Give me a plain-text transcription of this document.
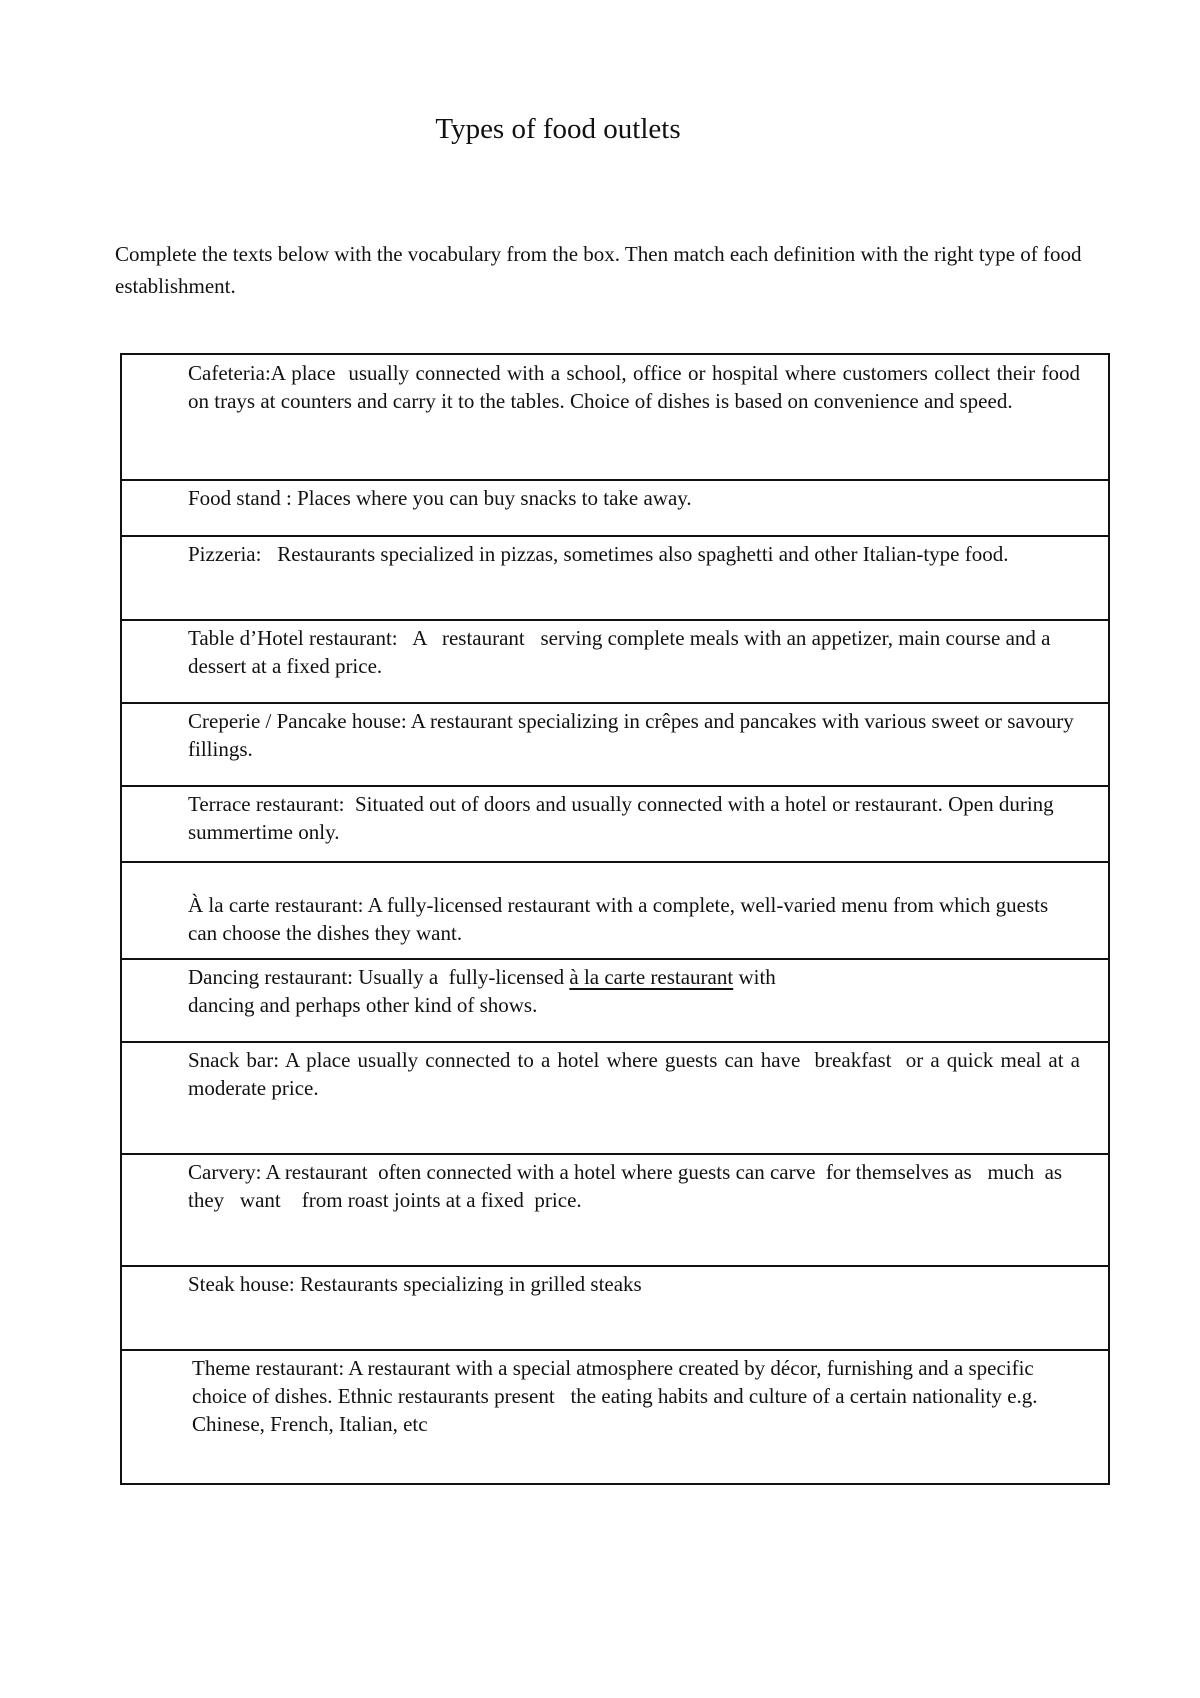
Types of food outlets
Complete the texts below with the vocabulary from the box. Then match each definition with the right type of food establishment.
Cafeteria:A place  usually connected with a school, office or hospital where customers collect their food on trays at counters and carry it to the tables. Choice of dishes is based on convenience and speed.
Food stand : Places where you can buy snacks to take away.
Pizzeria:   Restaurants specialized in pizzas, sometimes also spaghetti and other Italian-type food.
Table d’Hotel restaurant:   A   restaurant   serving complete meals with an appetizer, main course and a dessert at a fixed price.
Creperie / Pancake house: A restaurant specializing in crêpes and pancakes with various sweet or savoury fillings.
Terrace restaurant:  Situated out of doors and usually connected with a hotel or restaurant. Open during summertime only.
À la carte restaurant: A fully-licensed restaurant with a complete, well-varied menu from which guests can choose the dishes they want.
Dancing restaurant: Usually a  fully-licensed à la carte restaurant with
dancing and perhaps other kind of shows.
Snack bar: A place usually connected to a hotel where guests can have  breakfast  or a quick meal at a moderate price.
Carvery: A restaurant  often connected with a hotel where guests can carve  for themselves as   much  as   they   want    from roast joints at a fixed  price.
Steak house: Restaurants specializing in grilled steaks
Theme restaurant: A restaurant with a special atmosphere created by décor, furnishing and a specific choice of dishes. Ethnic restaurants present   the eating habits and culture of a certain nationality e.g. Chinese, French, Italian, etc
